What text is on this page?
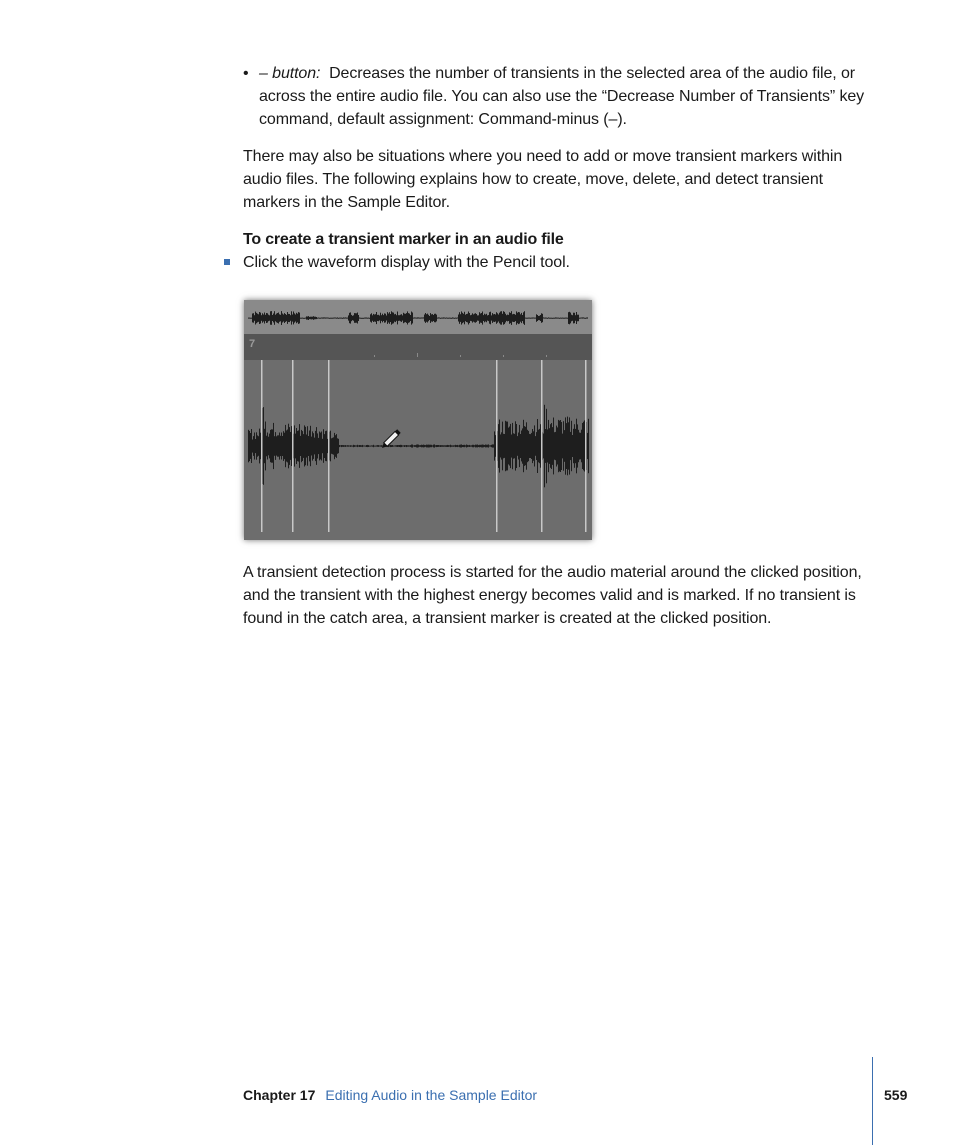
• – button: Decreases the number of transients in the selected area of the audio file, or across the entire audio file. You can also use the “Decrease Number of Transients” key command, default assignment: Command-minus (–).
There may also be situations where you need to add or move transient markers within audio files. The following explains how to create, move, delete, and detect transient markers in the Sample Editor.
To create a transient marker in an audio file
Click the waveform display with the Pencil tool.
7
A transient detection process is started for the audio material around the clicked position, and the transient with the highest energy becomes valid and is marked. If no transient is found in the catch area, a transient marker is created at the clicked position.
Chapter 17 Editing Audio in the Sample Editor	559
